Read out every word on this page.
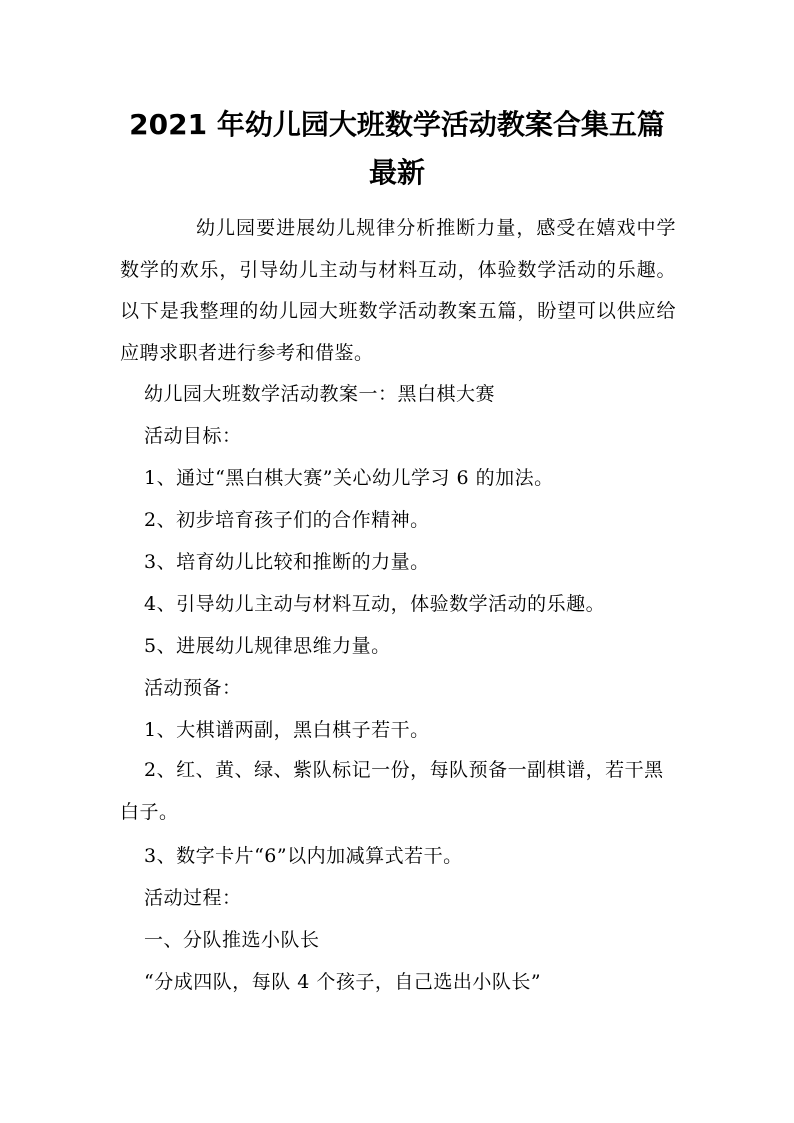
2021 年幼儿园大班数学活动教案合集五篇
最新

幼儿园要进展幼儿规律分析推断力量，感受在嬉戏中学数学的欢乐，引导幼儿主动与材料互动，体验数学活动的乐趣。以下是我整理的幼儿园大班数学活动教案五篇，盼望可以供应给应聘求职者进行参考和借鉴。

幼儿园大班数学活动教案一：黑白棋大赛

活动目标：

1、通过“黑白棋大赛”关心幼儿学习 6 的加法。

2、初步培育孩子们的合作精神。

3、培育幼儿比较和推断的力量。

4、引导幼儿主动与材料互动，体验数学活动的乐趣。

5、进展幼儿规律思维力量。

活动预备：

1、大棋谱两副，黑白棋子若干。

2、红、黄、绿、紫队标记一份，每队预备一副棋谱，若干黑白子。

3、数字卡片“6”以内加减算式若干。

活动过程：

一、分队推选小队长

“分成四队，每队 4 个孩子，自己选出小队长”
